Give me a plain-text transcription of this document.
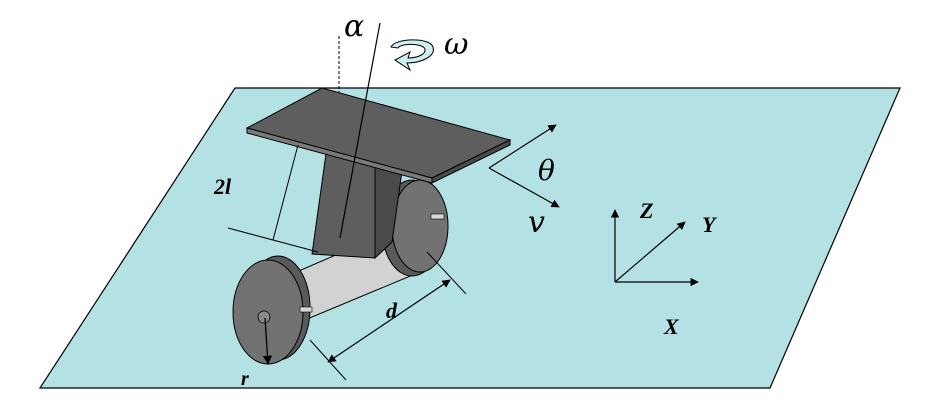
α
ω
θ
v
2l
d
r
Z
Y
X
